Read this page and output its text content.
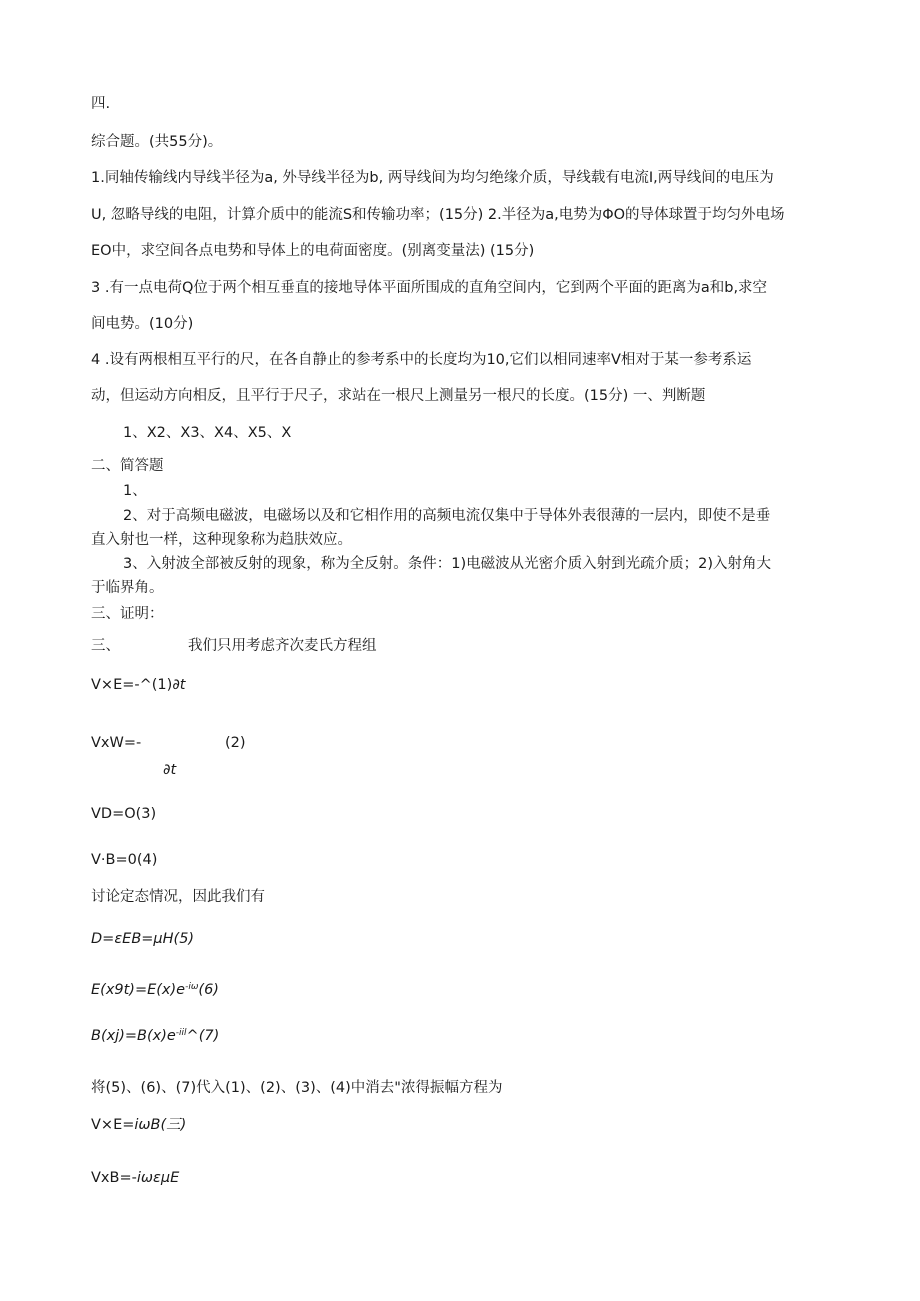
四.
综合题。(共55分)。
1.同轴传输线内导线半径为a, 外导线半径为b, 两导线间为均匀绝缘介质，导线载有电流I,两导线间的电压为
U, 忽略导线的电阻，计算介质中的能流S和传输功率；(15分) 2.半径为a,电势为ΦO的导体球置于均匀外电场
EO中，求空间各点电势和导体上的电荷面密度。(别离变量法) (15分)
3 .有一点电荷Q位于两个相互垂直的接地导体平面所围成的直角空间内，它到两个平面的距离为a和b,求空
间电势。(10分)
4 .设有两根相互平行的尺，在各自静止的参考系中的长度均为10,它们以相同速率V相对于某一参考系运
动，但运动方向相反，且平行于尺子，求站在一根尺上测量另一根尺的长度。(15分) 一、判断题
1、X2、X3、X4、X5、X
二、简答题
1、
2、对于高频电磁波，电磁场以及和它相作用的高频电流仅集中于导体外表很薄的一层内，即使不是垂
直入射也一样，这种现象称为趋肤效应。
3、入射波全部被反射的现象，称为全反射。条件：1)电磁波从光密介质入射到光疏介质；2)入射角大
于临界角。
三、证明：
三、	我们只用考虑齐次麦氏方程组
V×E=-^(1)∂t
VxW=-	(2)
∂t
VD=O(3)
V·B=0(4)
讨论定态情况，因此我们有
D=εEB=μH(5)
$E(x9t)=E(x)e^{-i\omega}(6)$
$B(xj)=B(x)e^{-iil}\^{}(7)$
将(5)、(6)、(7)代入(1)、(2)、(3)、(4)中消去"浓得振幅方程为
V×E=iωB(三)
VxB=-iωεμE
